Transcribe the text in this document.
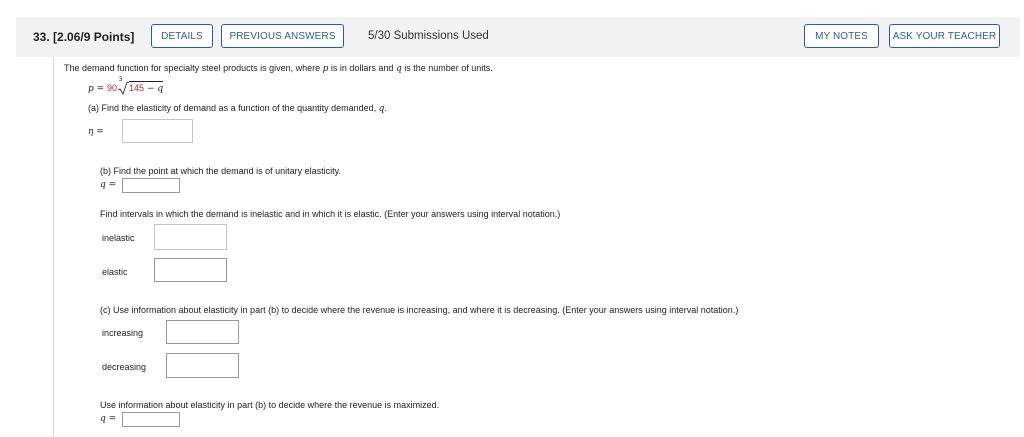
33. [2.06/9 Points]	DETAILS	PREVIOUS ANSWERS	5/30 Submissions Used	MY NOTES	ASK YOUR TEACHER
The demand function for specialty steel products is given, where p is in dollars and q is the number of units.
p = 90
3
145 − q
(a) Find the elasticity of demand as a function of the quantity demanded, q.
η =
(b) Find the point at which the demand is of unitary elasticity.
q =
Find intervals in which the demand is inelastic and in which it is elastic. (Enter your answers using interval notation.)
inelastic
elastic
(c) Use information about elasticity in part (b) to decide where the revenue is increasing, and where it is decreasing. (Enter your answers using interval notation.)
increasing
decreasing
Use information about elasticity in part (b) to decide where the revenue is maximized.
q =
